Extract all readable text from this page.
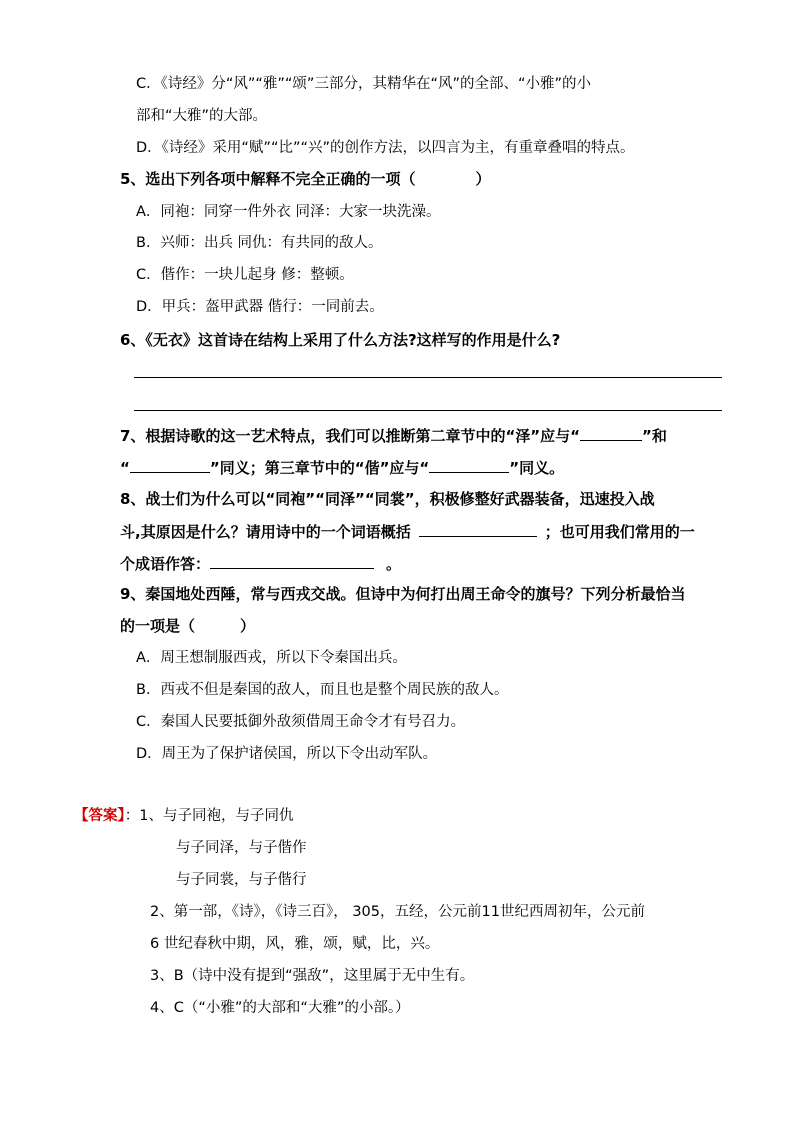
C．《诗经》分“风”“雅”“颂”三部分，其精华在“风”的全部、“小雅”的小
部和“大雅”的大部。
D．《诗经》采用“赋”“比”“兴”的创作方法，以四言为主，有重章叠唱的特点。
5、选出下列各项中解释不完全正确的一项（　　　　）
A．同袍：同穿一件外衣 同泽：大家一块洗澡。
B．兴师：出兵 同仇：有共同的敌人。
C．偕作：一块儿起身 修：整顿。
D．甲兵：盔甲武器 偕行：一同前去。
6、《无衣》这首诗在结构上采用了什么方法?这样写的作用是什么?
7、根据诗歌的这一艺术特点，我们可以推断第二章节中的“泽”应与“	”和
“	”同义；第三章节中的“偕”应与“	”同义。
8、战士们为什么可以“同袍”“同泽”“同裳”，积极修整好武器装备，迅速投入战
斗,其原因是什么？请用诗中的一个词语概括	；也可用我们常用的一
个成语作答：	。
9、秦国地处西陲，常与西戎交战。但诗中为何打出周王命令的旗号？下列分析最恰当
的一项是（　　　）
A．周王想制服西戎，所以下令秦国出兵。
B．西戎不但是秦国的敌人，而且也是整个周民族的敌人。
C．秦国人民要抵御外敌须借周王命令才有号召力。
D．周王为了保护诸侯国，所以下令出动军队。
【答案】：1、与子同袍，与子同仇
与子同泽，与子偕作
与子同裳，与子偕行
2、第一部，《诗》，《诗三百》， 305，五经，公元前11世纪西周初年，公元前
6 世纪春秋中期，风，雅，颂，赋，比，兴。
3、B（诗中没有提到“强敌”，这里属于无中生有。
4、C（“小雅”的大部和“大雅”的小部。）
